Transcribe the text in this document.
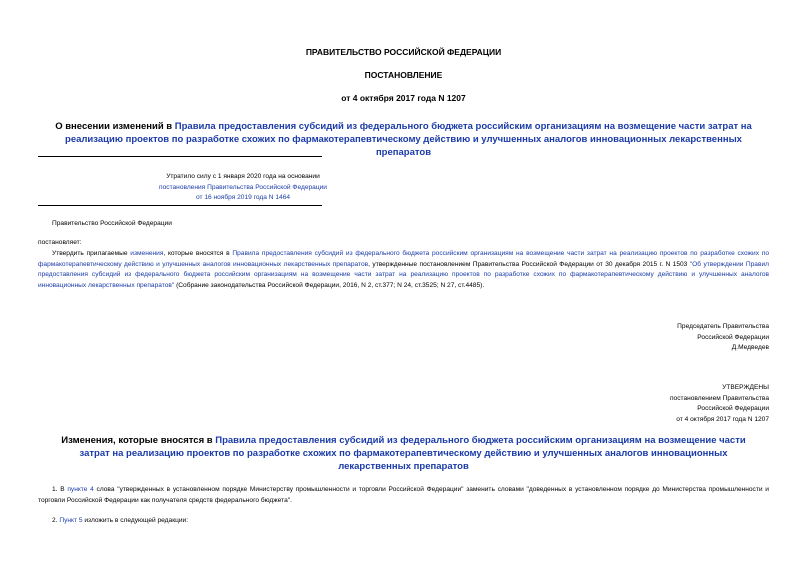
ПРАВИТЕЛЬСТВО РОССИЙСКОЙ ФЕДЕРАЦИИ
ПОСТАНОВЛЕНИЕ
от 4 октября 2017 года N 1207
О внесении изменений в Правила предоставления субсидий из федерального бюджета российским организациям на возмещение части затрат на реализацию проектов по разработке схожих по фармакотерапевтическому действию и улучшенных аналогов инновационных лекарственных препаратов
Утратило силу с 1 января 2020 года на основании
постановления Правительства Российской Федерации
от 16 ноября 2019 года N 1464
Правительство Российской Федерации
постановляет:
Утвердить прилагаемые изменения, которые вносятся в Правила предоставления субсидий из федерального бюджета российским организациям на возмещение части затрат на реализацию проектов по разработке схожих по фармакотерапевтическому действию и улучшенных аналогов инновационных лекарственных препаратов, утвержденные постановлением Правительства Российской Федерации от 30 декабря 2015 г. N 1503 "Об утверждении Правил предоставления субсидий из федерального бюджета российским организациям на возмещение части затрат на реализацию проектов по разработке схожих по фармакотерапевтическому действию и улучшенных аналогов инновационных лекарственных препаратов" (Собрание законодательства Российской Федерации, 2016, N 2, ст.377; N 24, ст.3525; N 27, ст.4485).
Председатель Правительства
Российской Федерации
Д.Медведев
УТВЕРЖДЕНЫ
постановлением Правительства
Российской Федерации
от 4 октября 2017 года N 1207
Изменения, которые вносятся в Правила предоставления субсидий из федерального бюджета российским организациям на возмещение части затрат на реализацию проектов по разработке схожих по фармакотерапевтическому действию и улучшенных аналогов инновационных лекарственных препаратов
1. В пункте 4 слова "утвержденных в установленном порядке Министерству промышленности и торговли Российской Федерации" заменить словами "доведенных в установленном порядке до Министерства промышленности и торговли Российской Федерации как получателя средств федерального бюджета".
2. Пункт 5 изложить в следующей редакции:
